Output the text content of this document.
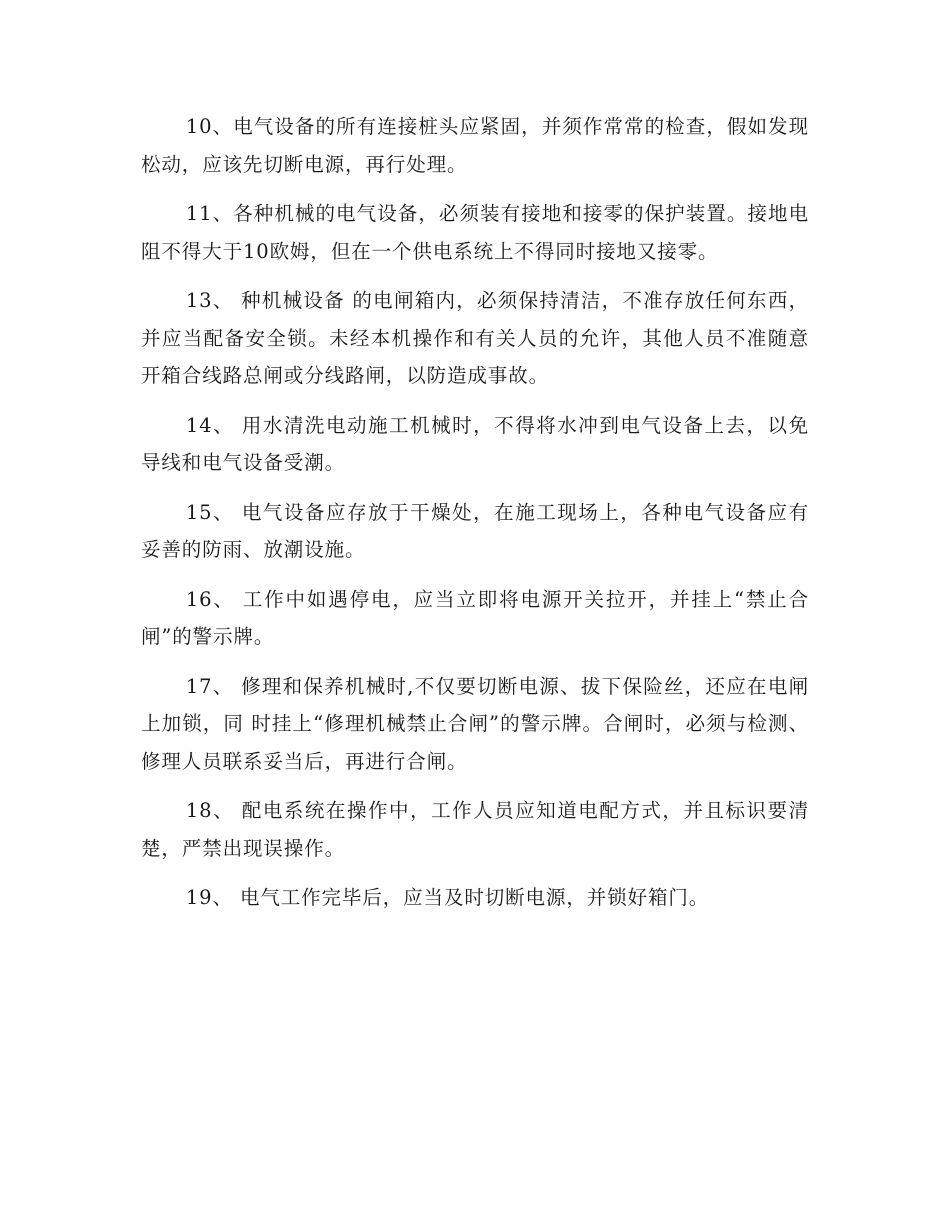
10、电气设备的所有连接桩头应紧固，并须作常常的检查，假如发现松动，应该先切断电源，再行处理。

11、各种机械的电气设备，必须装有接地和接零的保护装置。接地电阻不得大于10欧姆，但在一个供电系统上不得同时接地又接零。

13、 种机械设备 的电闸箱内，必须保持清洁，不准存放任何东西，并应当配备安全锁。未经本机操作和有关人员的允许，其他人员不准随意开箱合线路总闸或分线路闸，以防造成事故。

14、 用水清洗电动施工机械时，不得将水冲到电气设备上去，以免导线和电气设备受潮。

15、 电气设备应存放于干燥处，在施工现场上，各种电气设备应有妥善的防雨、放潮设施。

16、 工作中如遇停电，应当立即将电源开关拉开，并挂上“禁止合闸”的警示牌。

17、 修理和保养机械时,不仅要切断电源、拔下保险丝，还应在电闸上加锁，同 时挂上“修理机械禁止合闸”的警示牌。合闸时，必须与检测、修理人员联系妥当后，再进行合闸。

18、 配电系统在操作中，工作人员应知道电配方式，并且标识要清楚，严禁出现误操作。

19、 电气工作完毕后，应当及时切断电源，并锁好箱门。
